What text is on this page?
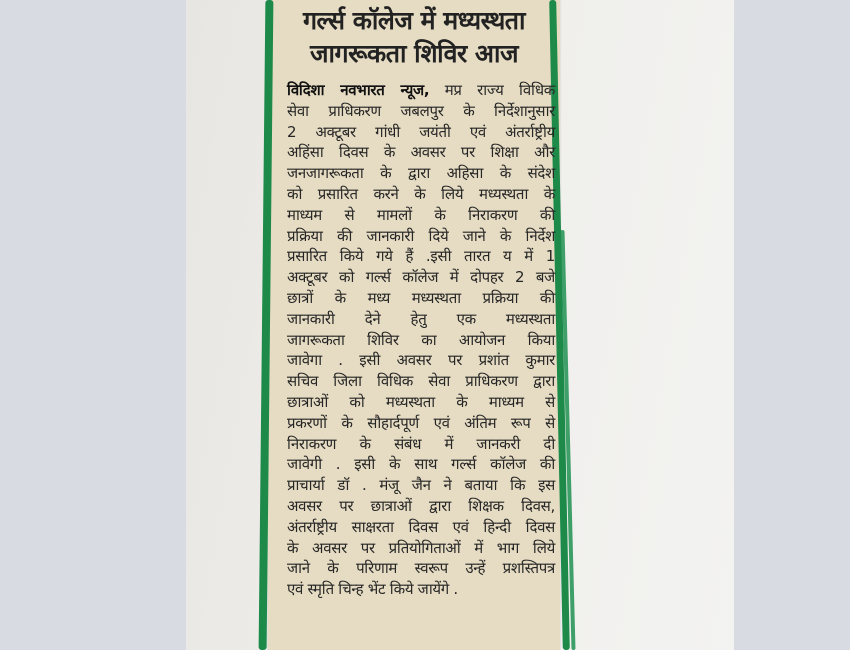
गर्ल्स कॉलेज में मध्यस्थता
जागरूकता शिविर आज
विदिशा नवभारत न्यूज, मप्र राज्य विधिक
सेवा प्राधिकरण जबलपुर के निर्देशानुसार
2 अक्टूबर गांधी जयंती एवं अंतर्राष्ट्रीय
अहिंसा दिवस के अवसर पर शिक्षा और
जनजागरूकता के द्वारा अहिसा के संदेश
को प्रसारित करने के लिये मध्यस्थता के
माध्यम से मामलों के निराकरण की
प्रक्रिया की जानकारी दिये जाने के निर्देश
प्रसारित किये गये हैं .इसी तारत य में 1
अक्टूबर को गर्ल्स कॉलेज में दोपहर 2 बजे
छात्रों के मध्य मध्यस्थता प्रक्रिया की
जानकारी देने हेतु एक मध्यस्थता
जागरूकता शिविर का आयोजन किया
जावेगा . इसी अवसर पर प्रशांत कुमार
सचिव जिला विधिक सेवा प्राधिकरण द्वारा
छात्राओं को मध्यस्थता के माध्यम से
प्रकरणों के सौहार्दपूर्ण एवं अंतिम रूप से
निराकरण के संबंध में जानकरी दी
जावेगी . इसी के साथ गर्ल्स कॉलेज की
प्राचार्या डॉ . मंजू जैन ने बताया कि इस
अवसर पर छात्राओं द्वारा शिक्षक दिवस,
अंतर्राष्ट्रीय साक्षरता दिवस एवं हिन्दी दिवस
के अवसर पर प्रतियोगिताओं में भाग लिये
जाने के परिणाम स्वरूप उन्हें प्रशस्तिपत्र
एवं स्मृति चिन्ह भेंट किये जायेंगे .
